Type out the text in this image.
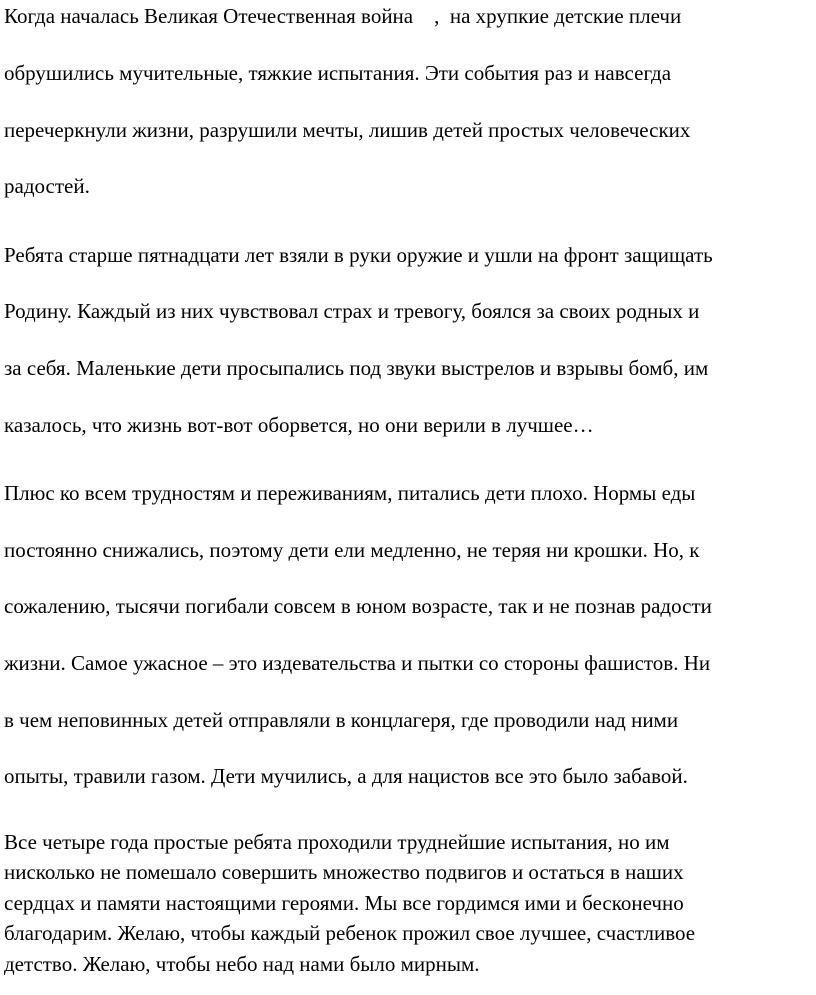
Когда началась Великая Отечественная война    ,  на хрупкие детские плечи
обрушились мучительные, тяжкие испытания. Эти события раз и навсегда
перечеркнули жизни, разрушили мечты, лишив детей простых человеческих
радостей.
Ребята старше пятнадцати лет взяли в руки оружие и ушли на фронт защищать
Родину. Каждый из них чувствовал страх и тревогу, боялся за своих родных и
за себя. Маленькие дети просыпались под звуки выстрелов и взрывы бомб, им
казалось, что жизнь вот-вот оборвется, но они верили в лучшее…
Плюс ко всем трудностям и переживаниям, питались дети плохо. Нормы еды
постоянно снижались, поэтому дети ели медленно, не теряя ни крошки. Но, к
сожалению, тысячи погибали совсем в юном возрасте, так и не познав радости
жизни. Самое ужасное – это издевательства и пытки со стороны фашистов. Ни
в чем неповинных детей отправляли в концлагеря, где проводили над ними
опыты, травили газом. Дети мучились, а для нацистов все это было забавой.
Все четыре года простые ребята проходили труднейшие испытания, но им
нисколько не помешало совершить множество подвигов и остаться в наших
сердцах и памяти настоящими героями. Мы все гордимся ими и бесконечно
благодарим. Желаю, чтобы каждый ребенок прожил свое лучшее, счастливое
детство. Желаю, чтобы небо над нами было мирным.
